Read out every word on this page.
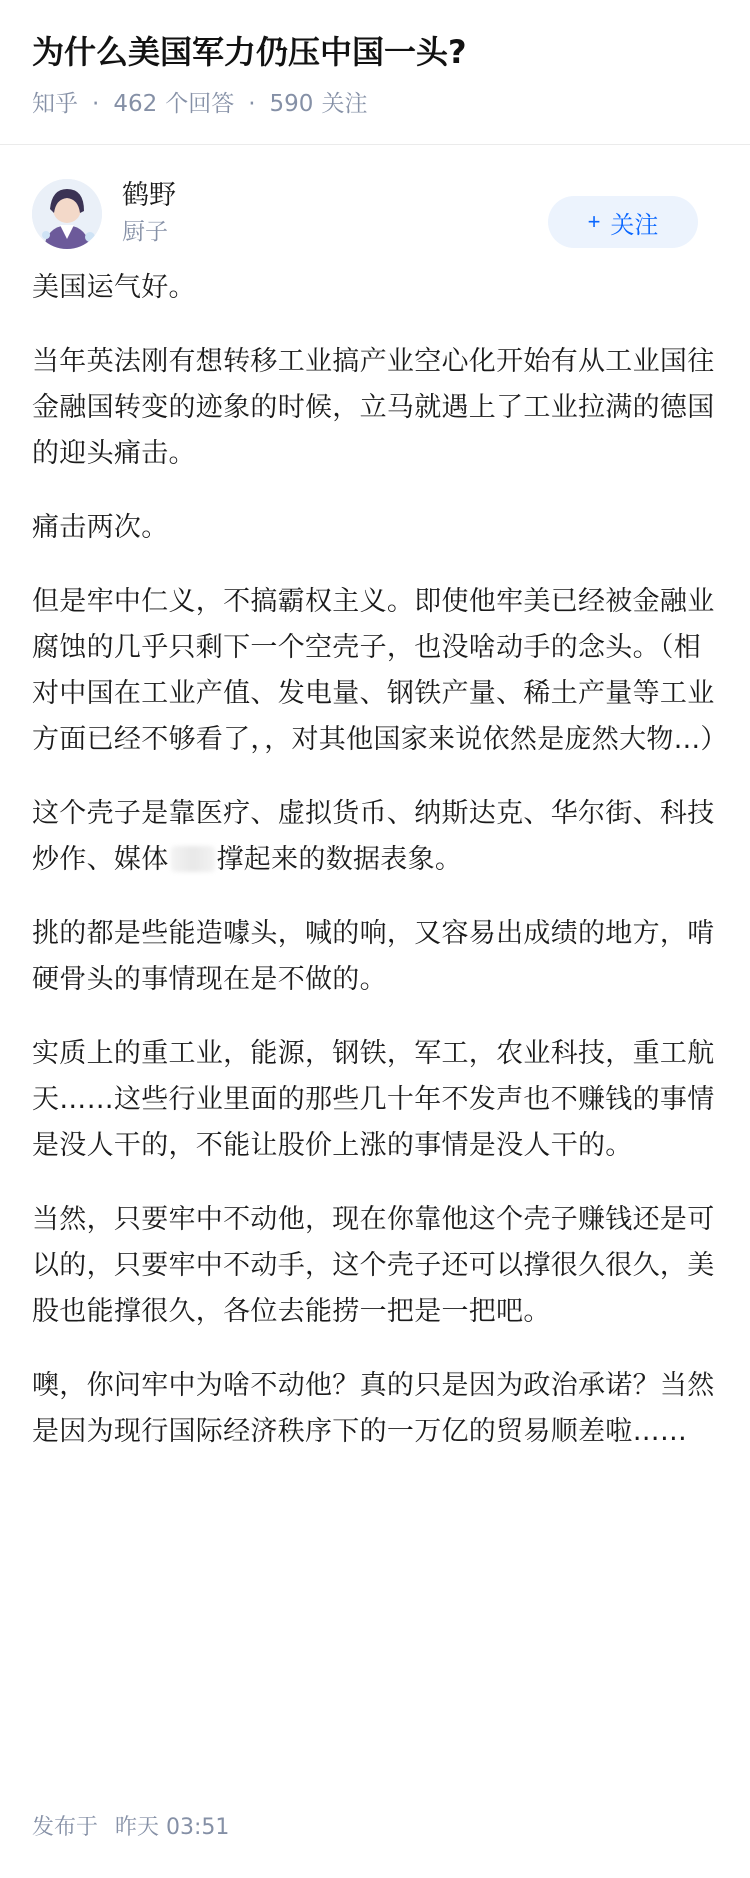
为什么美国军力仍压中国一头?
知乎 · 462 个回答 · 590 关注
鹤野
厨子	+ 关注

美国运气好。

当年英法刚有想转移工业搞产业空心化开始有从工业国往金融国转变的迹象的时候，立马就遇上了工业拉满的德国的迎头痛击。

痛击两次。

但是牢中仁义，不搞霸权主义。即使他牢美已经被金融业腐蚀的几乎只剩下一个空壳子，也没啥动手的念头。（相对中国在工业产值、发电量、钢铁产量、稀土产量等工业方面已经不够看了，，对其他国家来说依然是庞然大物...）

这个壳子是靠医疗、虚拟货币、纳斯达克、华尔街、科技炒作、媒体 撑起来的数据表象。

挑的都是些能造噱头，喊的响，又容易出成绩的地方，啃硬骨头的事情现在是不做的。

实质上的重工业，能源，钢铁，军工，农业科技，重工航天……这些行业里面的那些几十年不发声也不赚钱的事情是没人干的，不能让股价上涨的事情是没人干的。

当然，只要牢中不动他，现在你靠他这个壳子赚钱还是可以的，只要牢中不动手，这个壳子还可以撑很久很久，美股也能撑很久，各位去能捞一把是一把吧。

噢，你问牢中为啥不动他？真的只是因为政治承诺？当然是因为现行国际经济秩序下的一万亿的贸易顺差啦……

发布于 昨天 03:51
